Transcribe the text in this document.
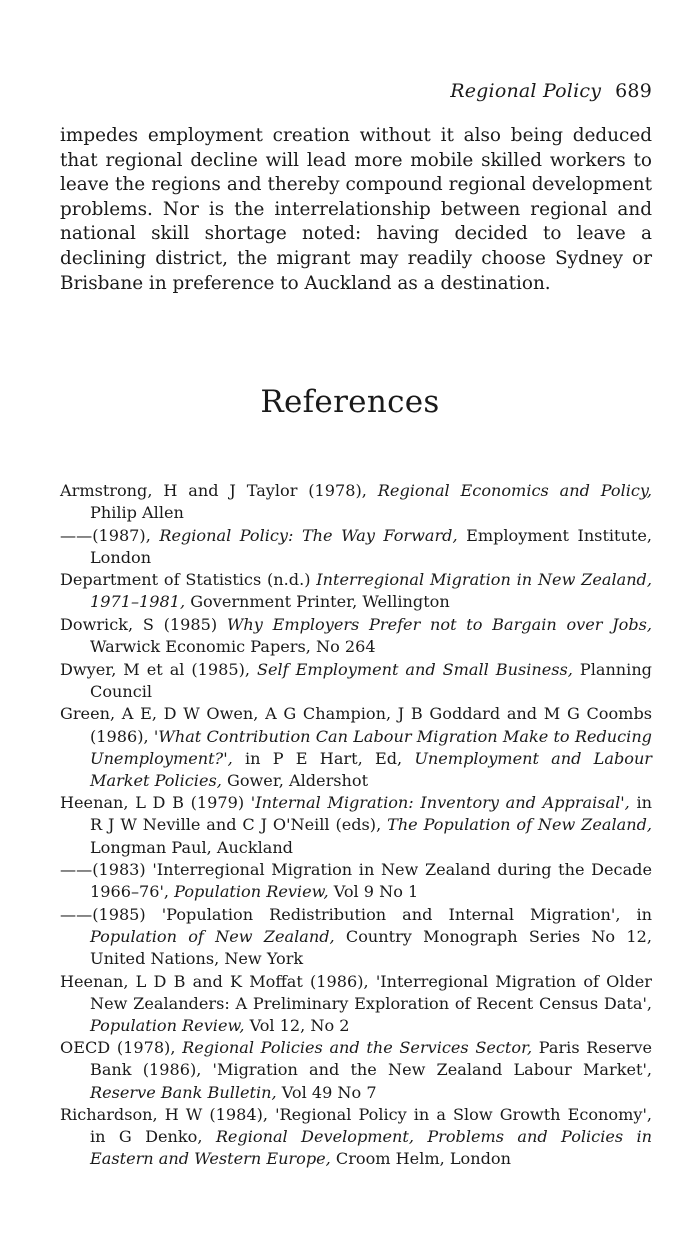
Regional Policy 689
impedes employment creation without it also being deduced that regional decline will lead more mobile skilled workers to leave the regions and thereby compound regional development problems. Nor is the interrelationship between regional and national skill shortage noted: having decided to leave a declining district, the migrant may readily choose Sydney or Brisbane in preference to Auckland as a destination.
References
Armstrong, H and J Taylor (1978), Regional Economics and Policy, Philip Allen
——(1987), Regional Policy: The Way Forward, Employment Institute, London
Department of Statistics (n.d.) Interregional Migration in New Zealand, 1971–1981, Government Printer, Wellington
Dowrick, S (1985) Why Employers Prefer not to Bargain over Jobs, Warwick Economic Papers, No 264
Dwyer, M et al (1985), Self Employment and Small Business, Planning Council
Green, A E, D W Owen, A G Champion, J B Goddard and M G Coombs (1986), 'What Contribution Can Labour Migration Make to Reducing Unemployment?', in P E Hart, Ed, Unemployment and Labour Market Policies, Gower, Aldershot
Heenan, L D B (1979) 'Internal Migration: Inventory and Appraisal', in R J W Neville and C J O'Neill (eds), The Population of New Zealand, Longman Paul, Auckland
——(1983) 'Interregional Migration in New Zealand during the Decade 1966–76', Population Review, Vol 9 No 1
——(1985) 'Population Redistribution and Internal Migration', in Population of New Zealand, Country Monograph Series No 12, United Nations, New York
Heenan, L D B and K Moffat (1986), 'Interregional Migration of Older New Zealanders: A Preliminary Exploration of Recent Census Data', Population Review, Vol 12, No 2
OECD (1978), Regional Policies and the Services Sector, Paris Reserve Bank (1986), 'Migration and the New Zealand Labour Market', Reserve Bank Bulletin, Vol 49 No 7
Richardson, H W (1984), 'Regional Policy in a Slow Growth Economy', in G Denko, Regional Development, Problems and Policies in Eastern and Western Europe, Croom Helm, London
